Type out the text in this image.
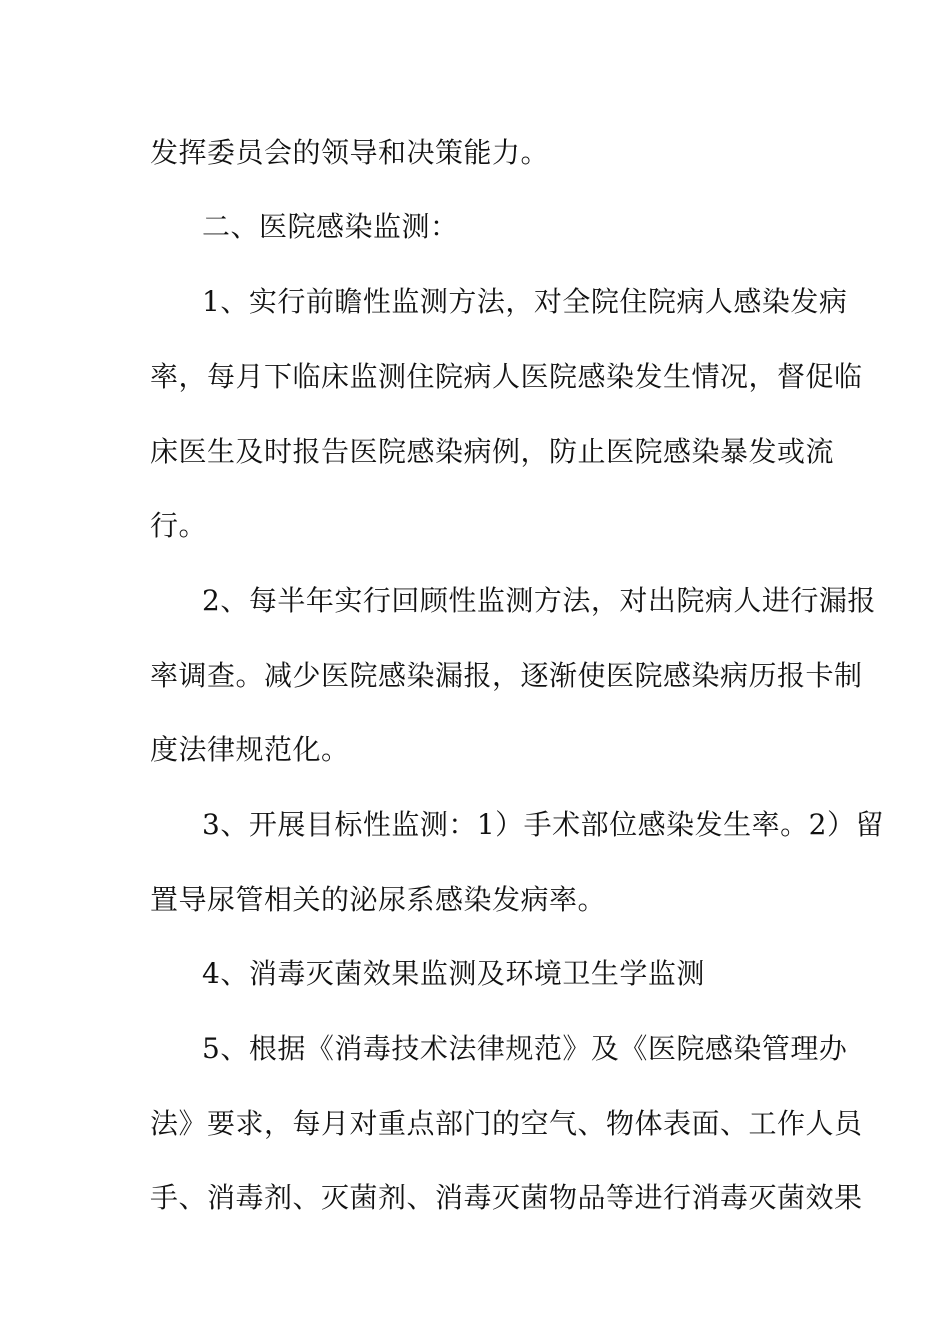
发挥委员会的领导和决策能力。
二、医院感染监测：
1、实行前瞻性监测方法，对全院住院病人感染发病
率，每月下临床监测住院病人医院感染发生情况，督促临
床医生及时报告医院感染病例，防止医院感染暴发或流
行。
2、每半年实行回顾性监测方法，对出院病人进行漏报
率调查。减少医院感染漏报，逐渐使医院感染病历报卡制
度法律规范化。
3、开展目标性监测：1）手术部位感染发生率。2）留
置导尿管相关的泌尿系感染发病率。
4、消毒灭菌效果监测及环境卫生学监测
5、根据《消毒技术法律规范》及《医院感染管理办
法》要求，每月对重点部门的空气、物体表面、工作人员
手、消毒剂、灭菌剂、消毒灭菌物品等进行消毒灭菌效果
